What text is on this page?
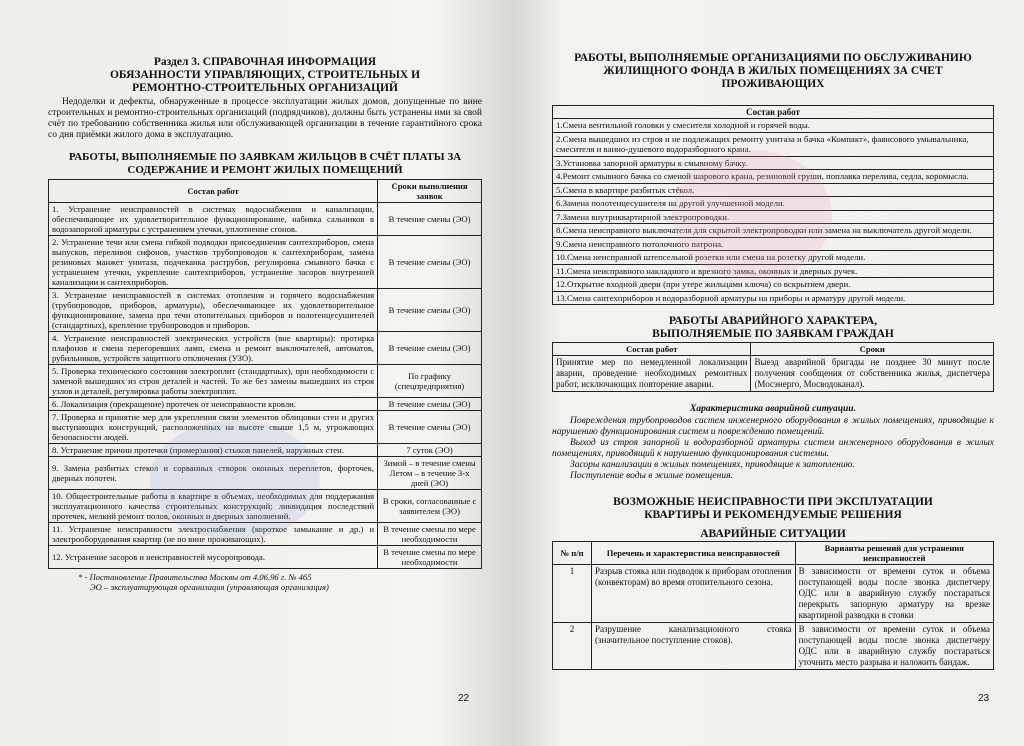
Раздел 3. СПРАВОЧНАЯ ИНФОРМАЦИЯ

ОБЯЗАННОСТИ УПРАВЛЯЮЩИХ, СТРОИТЕЛЬНЫХ И РЕМОНТНО-СТРОИТЕЛЬНЫХ ОРГАНИЗАЦИЙ

Недоделки и дефекты, обнаруженные в процессе эксплуатации жилых домов, допущенные по вине строительных и ремонтно-строительных организаций (подрядчиков), должны быть устранены ими за свой счёт по требованию собственника жилья или обслуживающей организации в течение гарантийного срока со дня приёмки жилого дома в эксплуатацию.

РАБОТЫ, ВЫПОЛНЯЕМЫЕ ПО ЗАЯВКАМ ЖИЛЬЦОВ В СЧЁТ ПЛАТЫ ЗА СОДЕРЖАНИЕ И РЕМОНТ ЖИЛЫХ ПОМЕЩЕНИЙ

Состав работ	Сроки выполнения заявок
1. Устранение неисправностей в системах водоснабжения и канализации, обеспечивающее их удовлетворительное функционирование, набивка сальников в водозапорной арматуры с устранением утечки, уплотнение сгонов.	В течение смены (ЭО)
2. Устранение течи или смена гибкой подводки присоединения сантехприборов, смена выпусков, переливов сифонов, участков трубопроводов к сантехприборам, замена резиновых манжет унитаза, подчеканка раструбов, регулировка смывного бачка с устранением утечки, укрепление сантехприборов, устранение засоров внутренней канализации и сантехприборов.	В течение смены (ЭО)
3. Устранение неисправностей в системах отопления и горячего водоснабжения (трубопроводов, приборов, арматуры), обеспечивающее их удовлетворительное функционирование, замена при течи отопительных приборов и полотенцесушителей (стандартных), крепление трубопроводов и приборов.	В течение смены (ЭО)
4. Устранение неисправностей электрических устройств (вне квартиры): протирка плафонов и смена перегоревших ламп, смена и ремонт выключателей, автоматов, рубильников, устройств защитного отключения (УЗО).	В течение смены (ЭО)
5. Проверка технического состояния электроплит (стандартных), при необходимости с заменой вышедших из строя деталей и частей. То же без замены вышедших из строя узлов и деталей, регулировка работы электроплит.	По графику (спецпредприятия)
6. Локализация (прекращение) протечек от неисправности кровли.	В течение смены (ЭО)
7. Проверка и принятие мер для укрепления связи элементов облицовки стен и других выступающих конструкций, расположенных на высоте свыше 1,5 м, угрожающих безопасности людей.	В течение смены (ЭО)
8. Устранение причин протечки (промерзания) стыков панелей, наружных стен.	7 суток (ЭО)
9. Замена разбитых стекол и сорванных створок оконных переплетов, форточек, дверных полотен.	Зимой – в течение смены Летом – в течение 3-х дней (ЭО)
10. Общестроительные работы в квартире в объемах, необходимых для поддержания эксплуатационного качества строительных конструкций; ликвидация последствий протечек, мелкий ремонт полов, оконных и дверных заполнений.	В сроки, согласованные с заявителем (ЭО)
11. Устранение неисправности электроснабжения (короткое замыкание и др.) и электрооборудования квартир (не по вине проживающих).	В течение смены по мере необходимости
12. Устранение засоров и неисправностей мусоропровода.	В течение смены по мере необходимости

* - Постановление Правительства Москвы от 4.06.96 г. № 465

ЭО – эксплуатирующая организация (управляющая организация)

22

РАБОТЫ, ВЫПОЛНЯЕМЫЕ ОРГАНИЗАЦИЯМИ ПО ОБСЛУЖИВАНИЮ ЖИЛИЩНОГО ФОНДА В ЖИЛЫХ ПОМЕЩЕНИЯХ ЗА СЧЕТ ПРОЖИВАЮЩИХ

Состав работ
1.Смена вентильной головки у смесителя холодной и горячей воды.
2.Смена вышедших из строя и не подлежащих ремонту унитаза и бачка «Компакт», фаянсового умывальника, смесителя и ванно-душевого водоразборного крана.
3.Установка запорной арматуры к смывному бачку.
4.Ремонт смывного бачка со сменой шарового крана, резиновой груши, поплавка перелива, седла, коромысла.
5.Смена в квартире разбитых стёкол.
6.Замена полотенцесушителя на другой улучшенной модели.
7.Замена внутриквартирной электропроводки.
8.Смена неисправного выключателя для скрытой электропроводки или замена на выключатель другой модели.
9.Смена неисправного потолочного патрона.
10.Смена неисправной штепсельной розетки или смена на розетку другой модели.
11.Смена неисправного накладного и врезного замка, оконных и дверных ручек.
12.Открытие входной двери (при утере жильцами ключа) со вскрытием двери.
13.Смена сантехприборов и водоразборной арматуры на приборы и арматуру другой модели.

РАБОТЫ АВАРИЙНОГО ХАРАКТЕРА, ВЫПОЛНЯЕМЫЕ ПО ЗАЯВКАМ ГРАЖДАН

Состав работ	Сроки
Принятие мер по немедленной локализации аварии, проведение необходимых ремонтных работ, исключающих повторение аварии.	Выезд аварийной бригады не позднее 30 минут после получения сообщения от собственника жилья, диспетчера (Мосэнерго, Мосводоканал).

Характеристика аварийной ситуации.

Повреждения трубопроводов систем инженерного оборудования в жилых помещениях, приводящие к нарушению функционирования систем и повреждению помещений.

Выход из строя запорной и водоразборной арматуры систем инженерного оборудования в жилых помещениях, приводящий к нарушению функционирования системы.

Засоры канализации в жилых помещениях, приводящие к затоплению.

Поступление воды в жилые помещения.

ВОЗМОЖНЫЕ НЕИСПРАВНОСТИ ПРИ ЭКСПЛУАТАЦИИ КВАРТИРЫ И РЕКОМЕНДУЕМЫЕ РЕШЕНИЯ

АВАРИЙНЫЕ СИТУАЦИИ

№ п/п	Перечень и характеристика неисправностей	Варианты решений для устранения неисправностей
1	Разрыв стояка или подводок к приборам отопления (конвекторам) во время отопительного сезона.	В зависимости от времени суток и объема поступающей воды после звонка диспетчеру ОДС или в аварийную службу постараться перекрыть запорную арматуру на врезке квартирной разводки в стояки
2	Разрушение канализационного стояка (значительное поступление стоков).	В зависимости от времени суток и объема поступающей воды после звонка диспетчеру ОДС или в аварийную службу постараться уточнить место разрыва и наложить бандаж.
23
